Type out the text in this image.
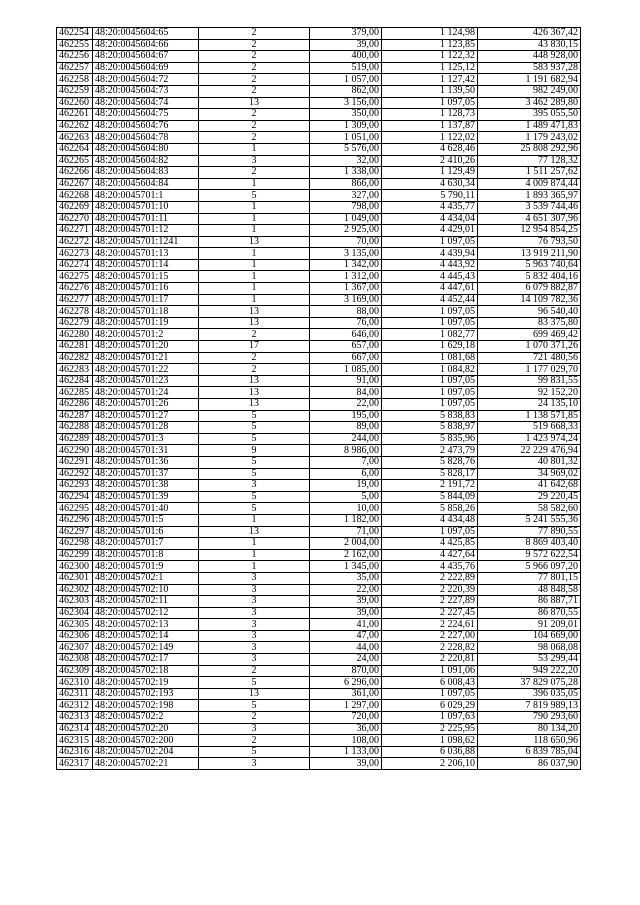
462254	48:20:0045604:65	2	379,00	1 124,98	426 367,42
462255	48:20:0045604:66	2	39,00	1 123,85	43 830,15
462256	48:20:0045604:67	2	400,00	1 122,32	448 928,00
462257	48:20:0045604:69	2	519,00	1 125,12	583 937,28
462258	48:20:0045604:72	2	1 057,00	1 127,42	1 191 682,94
462259	48:20:0045604:73	2	862,00	1 139,50	982 249,00
462260	48:20:0045604:74	13	3 156,00	1 097,05	3 462 289,80
462261	48:20:0045604:75	2	350,00	1 128,73	395 055,50
462262	48:20:0045604:76	2	1 309,00	1 137,87	1 489 471,83
462263	48:20:0045604:78	2	1 051,00	1 122,02	1 179 243,02
462264	48:20:0045604:80	1	5 576,00	4 628,46	25 808 292,96
462265	48:20:0045604:82	3	32,00	2 410,26	77 128,32
462266	48:20:0045604:83	2	1 338,00	1 129,49	1 511 257,62
462267	48:20:0045604:84	1	866,00	4 630,34	4 009 874,44
462268	48:20:0045701:1	5	327,00	5 790,11	1 893 365,97
462269	48:20:0045701:10	1	798,00	4 435,77	3 539 744,46
462270	48:20:0045701:11	1	1 049,00	4 434,04	4 651 307,96
462271	48:20:0045701:12	1	2 925,00	4 429,01	12 954 854,25
462272	48:20:0045701:1241	13	70,00	1 097,05	76 793,50
462273	48:20:0045701:13	1	3 135,00	4 439,94	13 919 211,90
462274	48:20:0045701:14	1	1 342,00	4 443,92	5 963 740,64
462275	48:20:0045701:15	1	1 312,00	4 445,43	5 832 404,16
462276	48:20:0045701:16	1	1 367,00	4 447,61	6 079 882,87
462277	48:20:0045701:17	1	3 169,00	4 452,44	14 109 782,36
462278	48:20:0045701:18	13	88,00	1 097,05	96 540,40
462279	48:20:0045701:19	13	76,00	1 097,05	83 375,80
462280	48:20:0045701:2	2	646,00	1 082,77	699 469,42
462281	48:20:0045701:20	17	657,00	1 629,18	1 070 371,26
462282	48:20:0045701:21	2	667,00	1 081,68	721 480,56
462283	48:20:0045701:22	2	1 085,00	1 084,82	1 177 029,70
462284	48:20:0045701:23	13	91,00	1 097,05	99 831,55
462285	48:20:0045701:24	13	84,00	1 097,05	92 152,20
462286	48:20:0045701:26	13	22,00	1 097,05	24 135,10
462287	48:20:0045701:27	5	195,00	5 838,83	1 138 571,85
462288	48:20:0045701:28	5	89,00	5 838,97	519 668,33
462289	48:20:0045701:3	5	244,00	5 835,96	1 423 974,24
462290	48:20:0045701:31	9	8 986,00	2 473,79	22 229 476,94
462291	48:20:0045701:36	5	7,00	5 828,76	40 801,32
462292	48:20:0045701:37	5	6,00	5 828,17	34 969,02
462293	48:20:0045701:38	3	19,00	2 191,72	41 642,68
462294	48:20:0045701:39	5	5,00	5 844,09	29 220,45
462295	48:20:0045701:40	5	10,00	5 858,26	58 582,60
462296	48:20:0045701:5	1	1 182,00	4 434,48	5 241 555,36
462297	48:20:0045701:6	13	71,00	1 097,05	77 890,55
462298	48:20:0045701:7	1	2 004,00	4 425,85	8 869 403,40
462299	48:20:0045701:8	1	2 162,00	4 427,64	9 572 622,54
462300	48:20:0045701:9	1	1 345,00	4 435,76	5 966 097,20
462301	48:20:0045702:1	3	35,00	2 222,89	77 801,15
462302	48:20:0045702:10	3	22,00	2 220,39	48 848,58
462303	48:20:0045702:11	3	39,00	2 227,89	86 887,71
462304	48:20:0045702:12	3	39,00	2 227,45	86 870,55
462305	48:20:0045702:13	3	41,00	2 224,61	91 209,01
462306	48:20:0045702:14	3	47,00	2 227,00	104 669,00
462307	48:20:0045702:149	3	44,00	2 228,82	98 068,08
462308	48:20:0045702:17	3	24,00	2 220,81	53 299,44
462309	48:20:0045702:18	2	870,00	1 091,06	949 222,20
462310	48:20:0045702:19	5	6 296,00	6 008,43	37 829 075,28
462311	48:20:0045702:193	13	361,00	1 097,05	396 035,05
462312	48:20:0045702:198	5	1 297,00	6 029,29	7 819 989,13
462313	48:20:0045702:2	2	720,00	1 097,63	790 293,60
462314	48:20:0045702:20	3	36,00	2 225,95	80 134,20
462315	48:20:0045702:200	2	108,00	1 098,62	118 650,96
462316	48:20:0045702:204	5	1 133,00	6 036,88	6 839 785,04
462317	48:20:0045702:21	3	39,00	2 206,10	86 037,90
